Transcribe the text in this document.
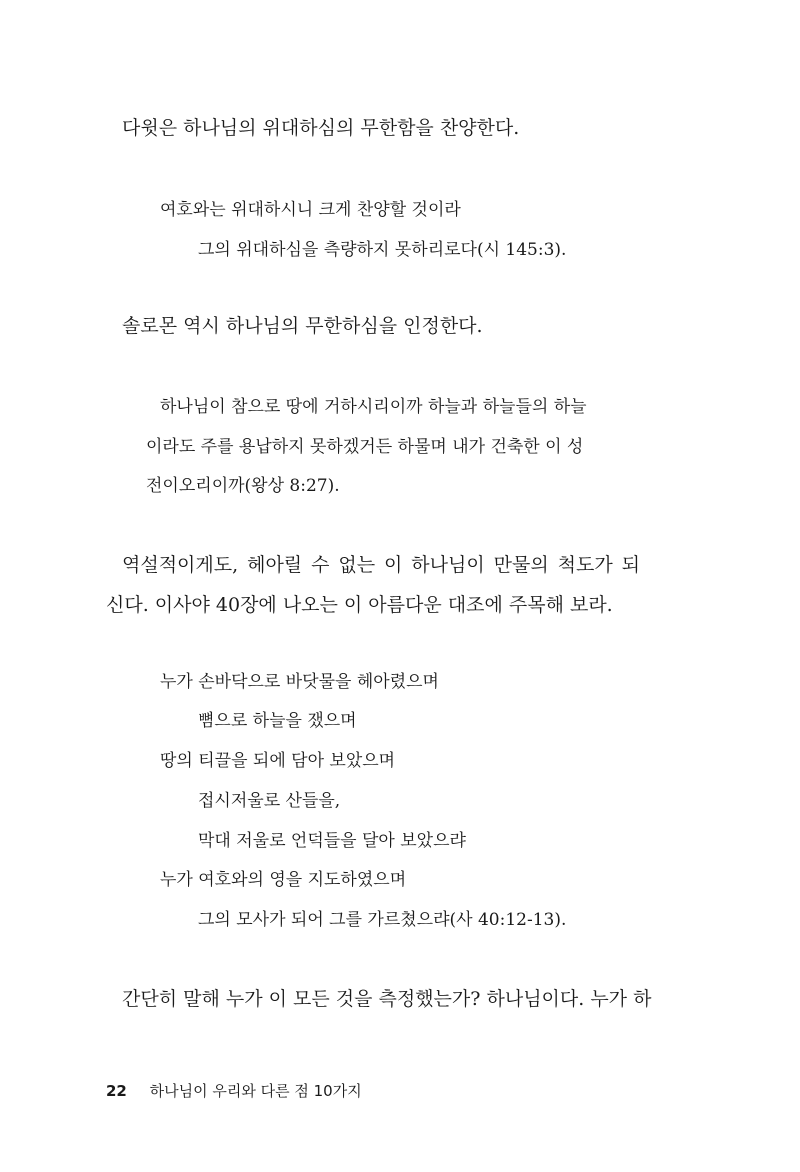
다윗은 하나님의 위대하심의 무한함을 찬양한다.
여호와는 위대하시니 크게 찬양할 것이라
그의 위대하심을 측량하지 못하리로다(시 145:3).
솔로몬 역시 하나님의 무한하심을 인정한다.
하나님이 참으로 땅에 거하시리이까 하늘과 하늘들의 하늘
이라도 주를 용납하지 못하겠거든 하물며 내가 건축한 이 성
전이오리이까(왕상 8:27).
역설적이게도, 헤아릴 수 없는 이 하나님이 만물의 척도가 되
신다. 이사야 40장에 나오는 이 아름다운 대조에 주목해 보라.
누가 손바닥으로 바닷물을 헤아렸으며
뼘으로 하늘을 쟀으며
땅의 티끌을 되에 담아 보았으며
접시저울로 산들을,
막대 저울로 언덕들을 달아 보았으랴
누가 여호와의 영을 지도하였으며
그의 모사가 되어 그를 가르쳤으랴(사 40:12-13).
간단히 말해 누가 이 모든 것을 측정했는가? 하나님이다. 누가 하
22 하나님이 우리와 다른 점 10가지
